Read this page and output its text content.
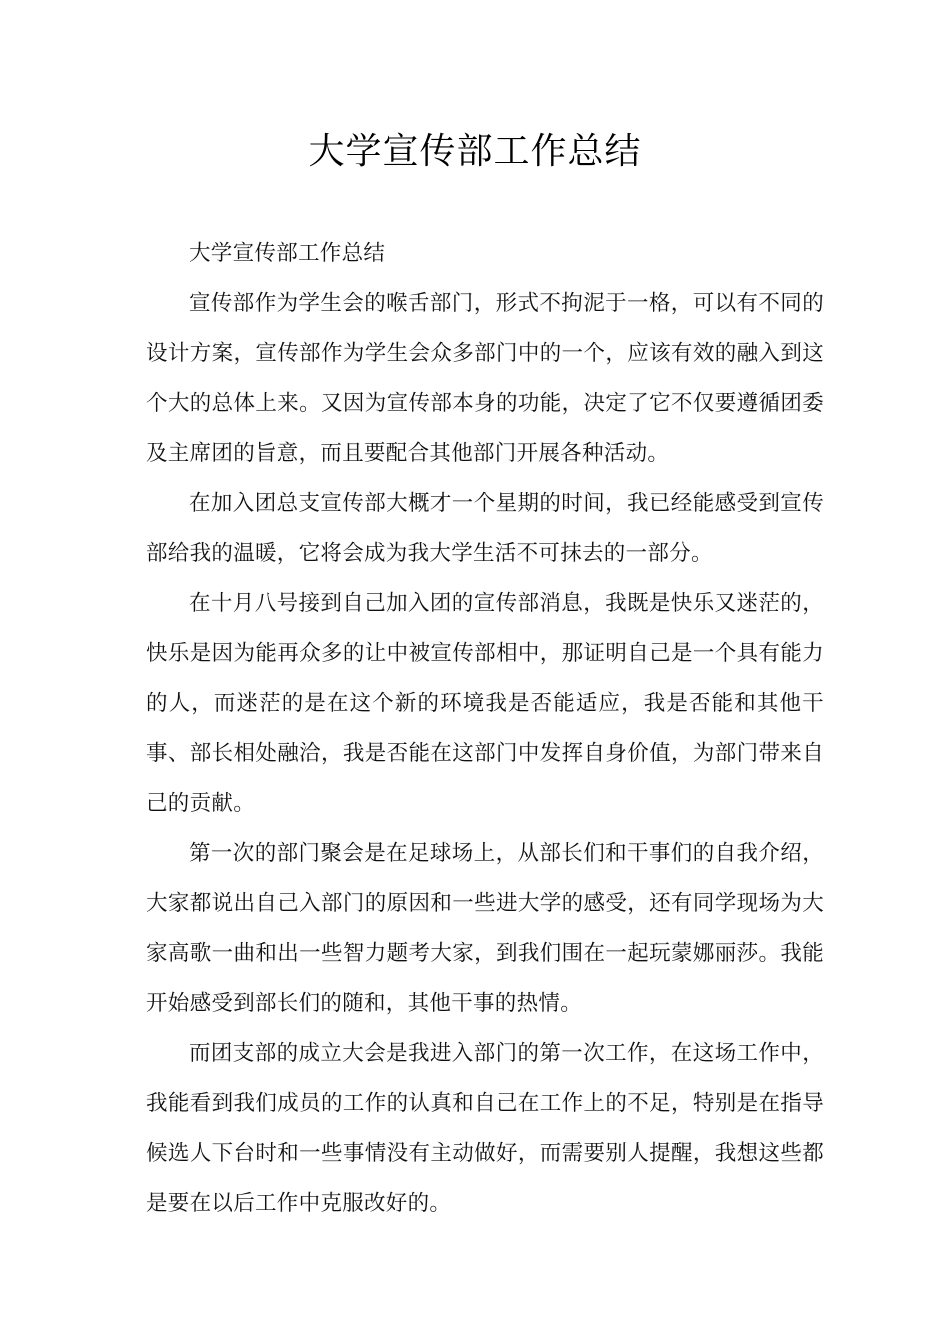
大学宣传部工作总结

大学宣传部工作总结

宣传部作为学生会的喉舌部门，形式不拘泥于一格，可以有不同的设计方案，宣传部作为学生会众多部门中的一个，应该有效的融入到这个大的总体上来。又因为宣传部本身的功能，决定了它不仅要遵循团委及主席团的旨意，而且要配合其他部门开展各种活动。

在加入团总支宣传部大概才一个星期的时间，我已经能感受到宣传部给我的温暖，它将会成为我大学生活不可抹去的一部分。

在十月八号接到自己加入团的宣传部消息，我既是快乐又迷茫的，快乐是因为能再众多的让中被宣传部相中，那证明自己是一个具有能力的人，而迷茫的是在这个新的环境我是否能适应，我是否能和其他干事、部长相处融洽，我是否能在这部门中发挥自身价值，为部门带来自己的贡献。

第一次的部门聚会是在足球场上，从部长们和干事们的自我介绍，大家都说出自己入部门的原因和一些进大学的感受，还有同学现场为大家高歌一曲和出一些智力题考大家，到我们围在一起玩蒙娜丽莎。我能开始感受到部长们的随和，其他干事的热情。

而团支部的成立大会是我进入部门的第一次工作，在这场工作中，我能看到我们成员的工作的认真和自己在工作上的不足，特别是在指导候选人下台时和一些事情没有主动做好，而需要别人提醒，我想这些都是要在以后工作中克服改好的。
